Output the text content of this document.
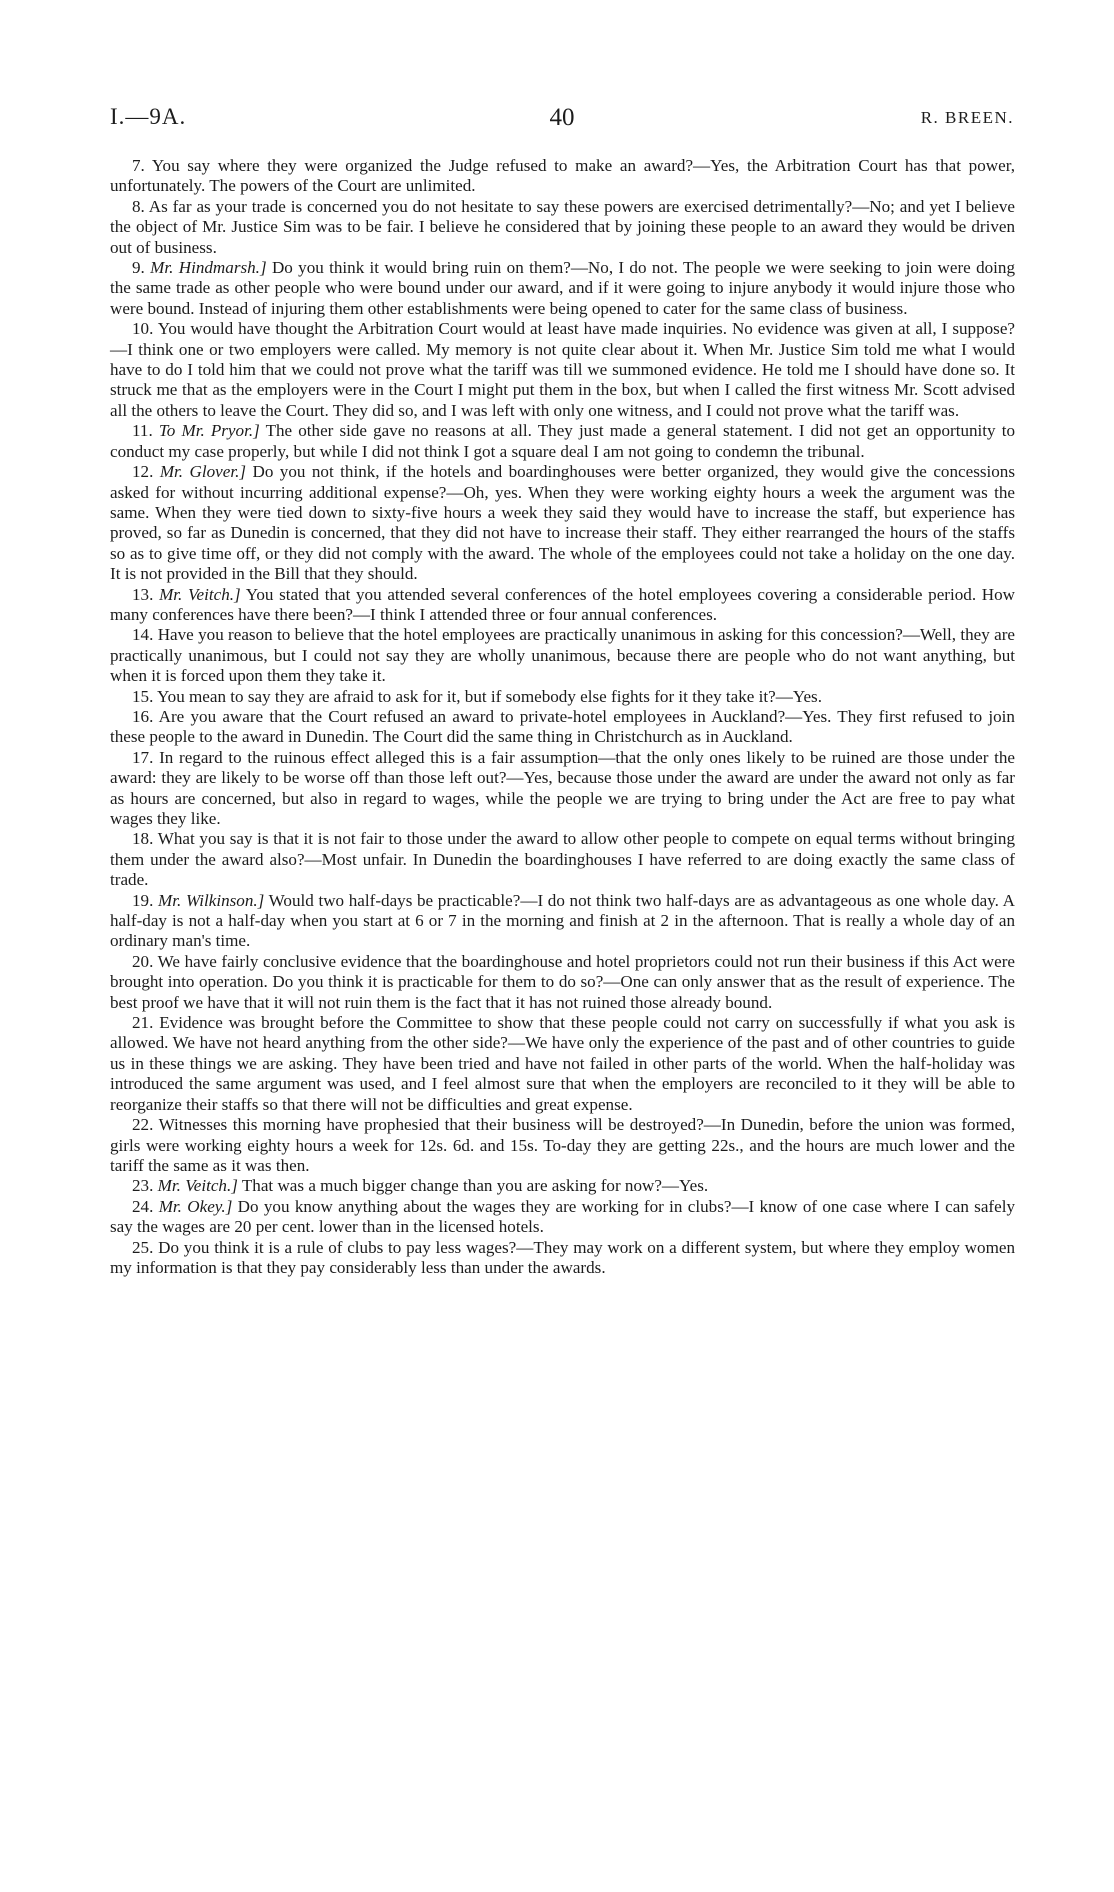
I.—9A.	40	R. BREEN.

7. You say where they were organized the Judge refused to make an award?—Yes, the Arbitration Court has that power, unfortunately. The powers of the Court are unlimited.

8. As far as your trade is concerned you do not hesitate to say these powers are exercised detrimentally?—No; and yet I believe the object of Mr. Justice Sim was to be fair. I believe he considered that by joining these people to an award they would be driven out of business.

9. Mr. Hindmarsh.] Do you think it would bring ruin on them?—No, I do not. The people we were seeking to join were doing the same trade as other people who were bound under our award, and if it were going to injure anybody it would injure those who were bound. Instead of injuring them other establishments were being opened to cater for the same class of business.

10. You would have thought the Arbitration Court would at least have made inquiries. No evidence was given at all, I suppose?—I think one or two employers were called. My memory is not quite clear about it. When Mr. Justice Sim told me what I would have to do I told him that we could not prove what the tariff was till we summoned evidence. He told me I should have done so. It struck me that as the employers were in the Court I might put them in the box, but when I called the first witness Mr. Scott advised all the others to leave the Court. They did so, and I was left with only one witness, and I could not prove what the tariff was.

11. To Mr. Pryor.] The other side gave no reasons at all. They just made a general statement. I did not get an opportunity to conduct my case properly, but while I did not think I got a square deal I am not going to condemn the tribunal.

12. Mr. Glover.] Do you not think, if the hotels and boardinghouses were better organized, they would give the concessions asked for without incurring additional expense?—Oh, yes. When they were working eighty hours a week the argument was the same. When they were tied down to sixty-five hours a week they said they would have to increase the staff, but experience has proved, so far as Dunedin is concerned, that they did not have to increase their staff. They either rearranged the hours of the staffs so as to give time off, or they did not comply with the award. The whole of the employees could not take a holiday on the one day. It is not provided in the Bill that they should.

13. Mr. Veitch.] You stated that you attended several conferences of the hotel employees covering a considerable period. How many conferences have there been?—I think I attended three or four annual conferences.

14. Have you reason to believe that the hotel employees are practically unanimous in asking for this concession?—Well, they are practically unanimous, but I could not say they are wholly unanimous, because there are people who do not want anything, but when it is forced upon them they take it.

15. You mean to say they are afraid to ask for it, but if somebody else fights for it they take it?—Yes.

16. Are you aware that the Court refused an award to private-hotel employees in Auckland?—Yes. They first refused to join these people to the award in Dunedin. The Court did the same thing in Christchurch as in Auckland.

17. In regard to the ruinous effect alleged this is a fair assumption—that the only ones likely to be ruined are those under the award: they are likely to be worse off than those left out?—Yes, because those under the award are under the award not only as far as hours are concerned, but also in regard to wages, while the people we are trying to bring under the Act are free to pay what wages they like.

18. What you say is that it is not fair to those under the award to allow other people to compete on equal terms without bringing them under the award also?—Most unfair. In Dunedin the boardinghouses I have referred to are doing exactly the same class of trade.

19. Mr. Wilkinson.] Would two half-days be practicable?—I do not think two half-days are as advantageous as one whole day. A half-day is not a half-day when you start at 6 or 7 in the morning and finish at 2 in the afternoon. That is really a whole day of an ordinary man's time.

20. We have fairly conclusive evidence that the boardinghouse and hotel proprietors could not run their business if this Act were brought into operation. Do you think it is practicable for them to do so?—One can only answer that as the result of experience. The best proof we have that it will not ruin them is the fact that it has not ruined those already bound.

21. Evidence was brought before the Committee to show that these people could not carry on successfully if what you ask is allowed. We have not heard anything from the other side?—We have only the experience of the past and of other countries to guide us in these things we are asking. They have been tried and have not failed in other parts of the world. When the half-holiday was introduced the same argument was used, and I feel almost sure that when the employers are reconciled to it they will be able to reorganize their staffs so that there will not be difficulties and great expense.

22. Witnesses this morning have prophesied that their business will be destroyed?—In Dunedin, before the union was formed, girls were working eighty hours a week for 12s. 6d. and 15s. To-day they are getting 22s., and the hours are much lower and the tariff the same as it was then.

23. Mr. Veitch.] That was a much bigger change than you are asking for now?—Yes.

24. Mr. Okey.] Do you know anything about the wages they are working for in clubs?—I know of one case where I can safely say the wages are 20 per cent. lower than in the licensed hotels.

25. Do you think it is a rule of clubs to pay less wages?—They may work on a different system, but where they employ women my information is that they pay considerably less than under the awards.
